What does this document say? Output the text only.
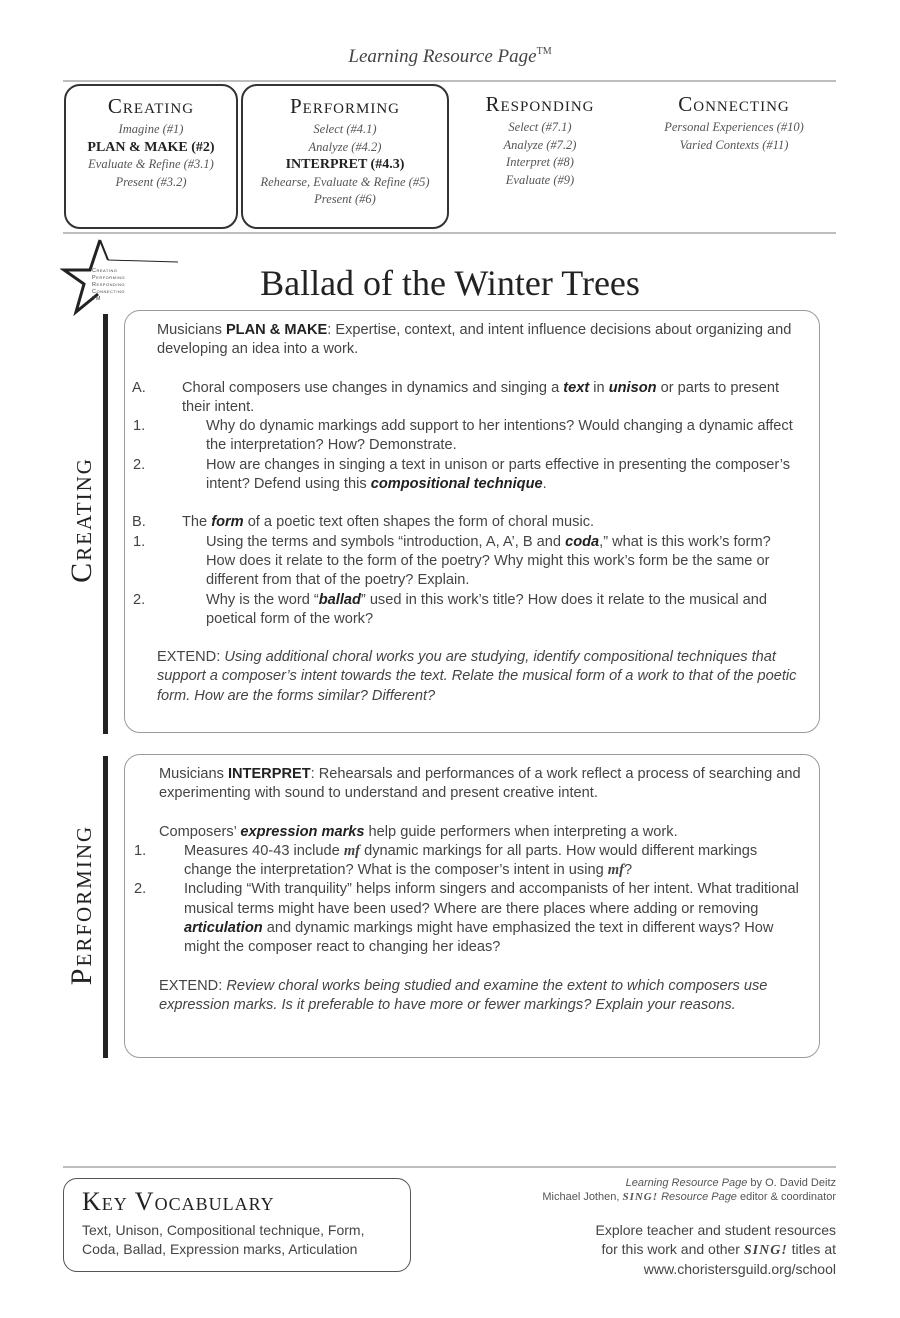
Learning Resource Page™
Creating
Imagine (#1)
PLAN & MAKE (#2)
Evaluate & Refine (#3.1)
Present (#3.2)
Performing
Select (#4.1)
Analyze (#4.2)
INTERPRET (#4.3)
Rehearse, Evaluate & Refine (#5)
Present (#6)
Responding
Select (#7.1)
Analyze (#7.2)
Interpret (#8)
Evaluate (#9)
Connecting
Personal Experiences (#10)
Varied Contexts (#11)
Creating
Performing
Responding
Connecting
TM	Ballad of the Winter Trees
Creating

Musicians PLAN & MAKE: Expertise, context, and intent influence decisions about organizing and developing an idea into a work.

A. Choral composers use changes in dynamics and singing a text in unison or parts to present their intent.
1.	Why do dynamic markings add support to her intentions? Would changing a dynamic affect the interpretation? How? Demonstrate.
2.	How are changes in singing a text in unison or parts effective in presenting the composer’s intent? Defend using this compositional technique.
B. The form of a poetic text often shapes the form of choral music.
1.	Using the terms and symbols “introduction, A, A’, B and coda,” what is this work’s form? How does it relate to the form of the poetry? Why might this work’s form be the same or different from that of the poetry? Explain.
2.	Why is the word “ballad” used in this work’s title? How does it relate to the musical and poetical form of the work?

EXTEND: Using additional choral works you are studying, identify compositional techniques that support a composer’s intent towards the text. Relate the musical form of a work to that of the poetic form. How are the forms similar? Different?

Performing

Musicians INTERPRET: Rehearsals and performances of a work reflect a process of searching and experimenting with sound to understand and present creative intent.

Composers’ expression marks help guide performers when interpreting a work.

1.	Measures 40-43 include mf dynamic markings for all parts. How would different markings change the interpretation? What is the composer’s intent in using mf?
2.	Including “With tranquility” helps inform singers and accompanists of her intent. What traditional musical terms might have been used? Where are there places where adding or removing articulation and dynamic markings might have emphasized the text in different ways? How might the composer react to changing her ideas?

EXTEND: Review choral works being studied and examine the extent to which composers use expression marks. Is it preferable to have more or fewer markings? Explain your reasons.

Key Vocabulary
Text, Unison, Compositional technique, Form, Coda, Ballad, Expression marks, Articulation
Learning Resource Page by O. David Deitz
Michael Jothen, SING! Resource Page editor & coordinator
Explore teacher and student resources
for this work and other SING! titles at
www.choristersguild.org/school
